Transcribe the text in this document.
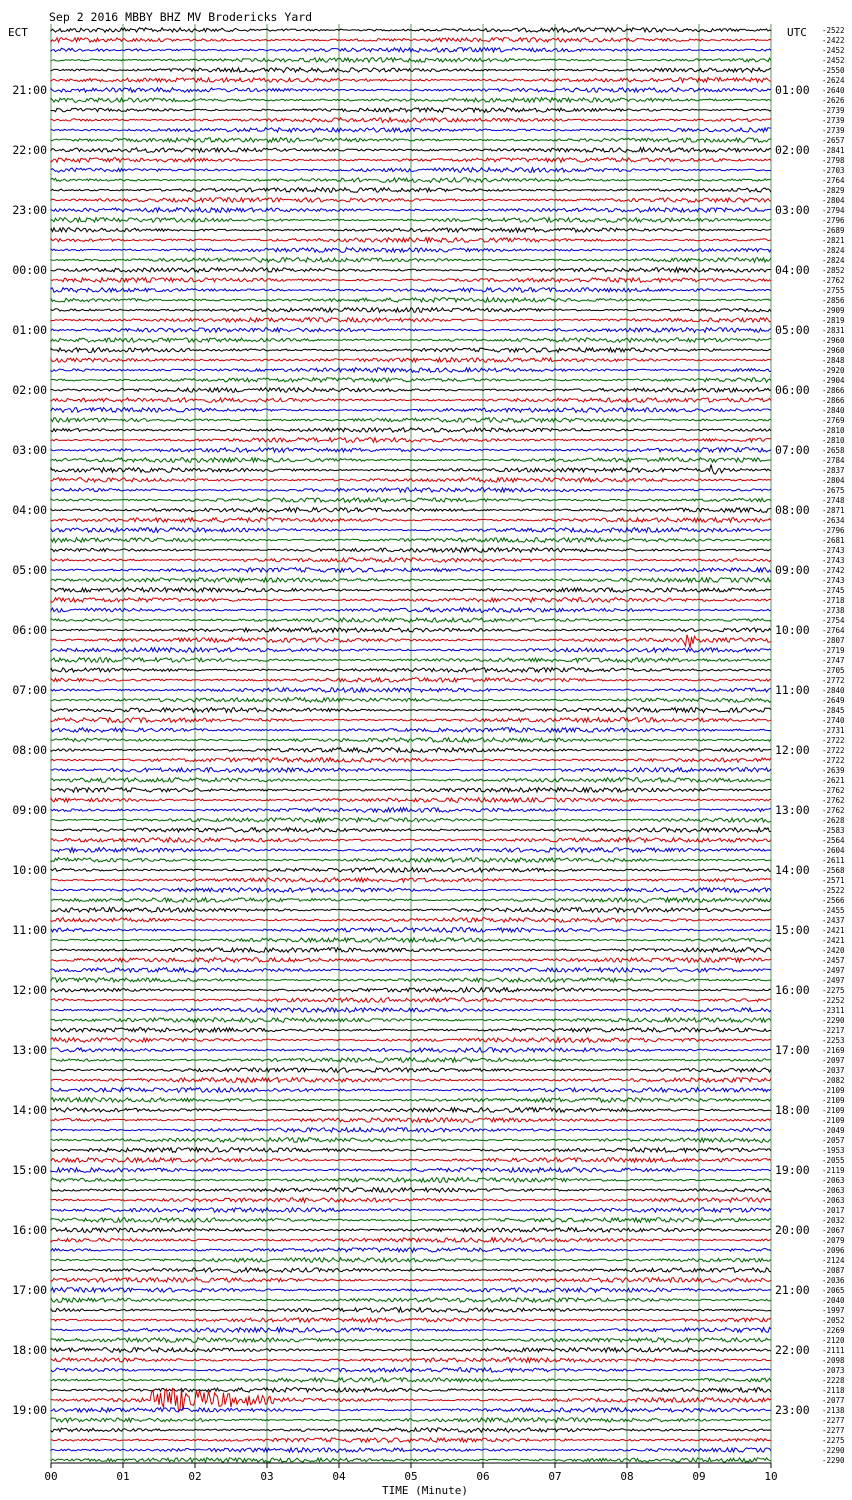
Sep 2 2016 MBBY BHZ MV Brodericks Yard
ECT	UTC
TIME (Minute)
21:00
22:00
23:00
00:00
01:00
02:00
03:00
04:00
05:00
06:00
07:00
08:00
09:00
10:00
11:00
12:00
13:00
14:00
15:00
16:00
17:00
18:00
19:00
01:00
02:00
03:00
04:00
05:00
06:00
07:00
08:00
09:00
10:00
11:00
12:00
13:00
14:00
15:00
16:00
17:00
18:00
19:00
20:00
21:00
22:00
23:00
-2522
-2422
-2452
-2452
-2550
-2624
-2640
-2626
-2739
-2739
-2739
-2657
-2841
-2798
-2703
-2764
-2829
-2804
-2794
-2796
-2689
-2821
-2824
-2824
-2852
-2762
-2755
-2856
-2909
-2819
-2831
-2960
-2960
-2848
-2920
-2904
-2866
-2866
-2840
-2769
-2810
-2810
-2658
-2784
-2837
-2804
-2675
-2748
-2871
-2634
-2796
-2681
-2743
-2743
-2742
-2743
-2745
-2718
-2738
-2754
-2764
-2807
-2719
-2747
-2705
-2772
-2840
-2649
-2845
-2740
-2731
-2722
-2722
-2722
-2639
-2621
-2762
-2762
-2762
-2628
-2583
-2564
-2604
-2611
-2568
-2571
-2522
-2566
-2455
-2437
-2421
-2421
-2420
-2457
-2497
-2497
-2275
-2252
-2311
-2290
-2217
-2253
-2169
-2097
-2037
-2082
-2109
-2109
-2109
-2109
-2049
-2057
-1953
-2055
-2119
-2063
-2063
-2063
-2017
-2032
-2067
-2079
-2096
-2124
-2087
-2036
-2065
-2040
-1997
-2052
-2269
-2120
-2111
-2098
-2073
-2228
-2118
-2077
-2138
-2277
-2277
-2275
-2290
-2290
00	01	02	03	04	05	06	07	08	09	10
